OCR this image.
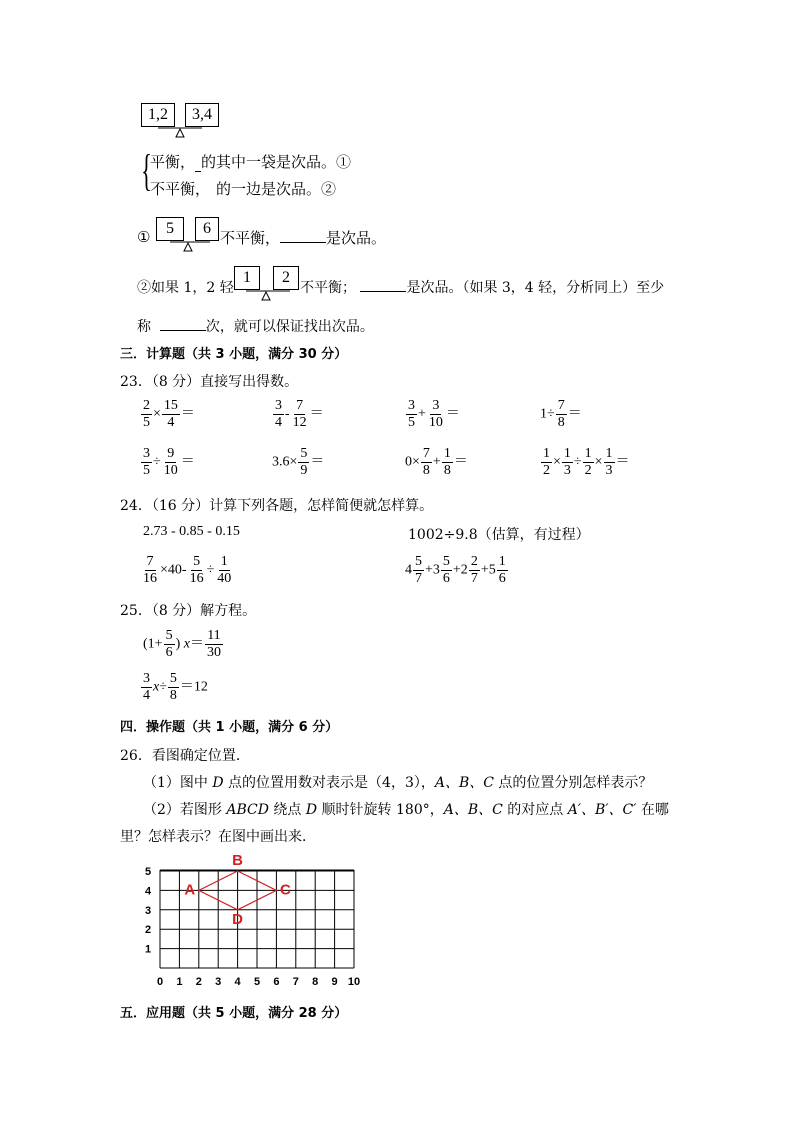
1,2	3,4
{
平衡， 的其中一袋是次品。①
不平衡， 的一边是次品。②
① 5	6
不平衡，	是次品。
②如果 1，2 轻
1	2
不平衡；	是次品。（如果 3，4 轻，分析同上）至少
称	次，就可以保证找出次品。
三．计算题（共 3 小题，满分 30 分）
23．（8 分）直接写出得数。
$\frac{2}{5} \times \frac{15}{4}$ ＝	$\frac{3}{4} - \frac{7}{12}$ ＝	$\frac{3}{5} + \frac{3}{10}$ ＝	$1\div \frac{7}{8}$ ＝
$\frac{3}{5} \div \frac{9}{10}$ ＝	$3.6\times \frac{5}{9}$ ＝	$0\times \frac{7}{8} + \frac{1}{8}$ ＝	$\frac{1}{2} \times \frac{1}{3} \div \frac{1}{2} \times \frac{1}{3}$ ＝
24．（16 分）计算下列各题，怎样简便就怎样算。
2.73 - 0.85 - 0.15	1002÷9.8（估算，有过程）
$\frac{7}{16} \times 40- \frac{5}{16} \div \frac{1}{40}$	$4 \frac{5}{7} +3 \frac{5}{6} +2 \frac{2}{7} +5 \frac{1}{6}$
25．（8 分）解方程。
($1+ \frac{5}{6}$ ) $x= \frac{11}{30}$
$\frac{3}{4} x\div \frac{5}{8} =12$
四．操作题（共 1 小题，满分 6 分）
26．看图确定位置．
（1）图中 D 点的位置用数对表示是（4，3），A、B、C 点的位置分别怎样表示？
（2）若图形 ABCD 绕点 D 顺时针旋转 180°，A、B、C 的对应点 A′、B′、C′ 在哪
里？怎样表示？在图中画出来．
0 1 2 3 4 5 6 7 8 9 10
1
2
3
4
5
A
B
C
D
五．应用题（共 5 小题，满分 28 分）
